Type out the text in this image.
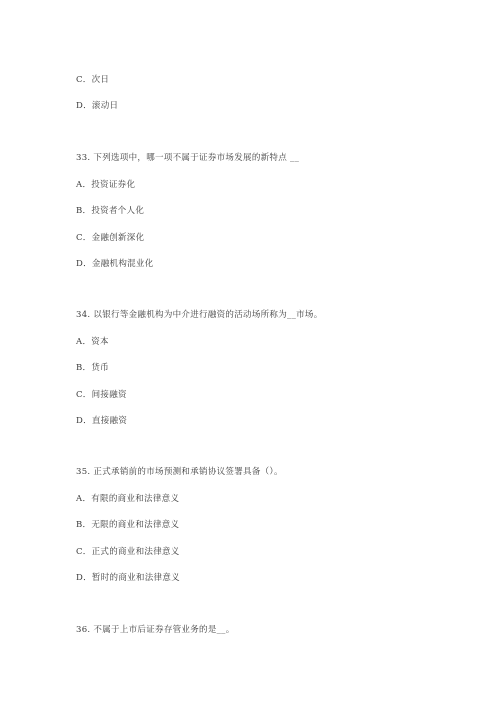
C．次日
D．滚动日
33. 下列选项中，哪一项不属于证券市场发展的新特点 __
A．投资证券化
B．投资者个人化
C．金融创新深化
D．金融机构混业化
34. 以银行等金融机构为中介进行融资的活动场所称为__市场。
A．资本
B．货币
C．间接融资
D．直接融资
35. 正式承销前的市场预测和承销协议签署具备（）。
A．有限的商业和法律意义
B．无限的商业和法律意义
C．正式的商业和法律意义
D．暂时的商业和法律意义
36. 不属于上市后证券存管业务的是__。
